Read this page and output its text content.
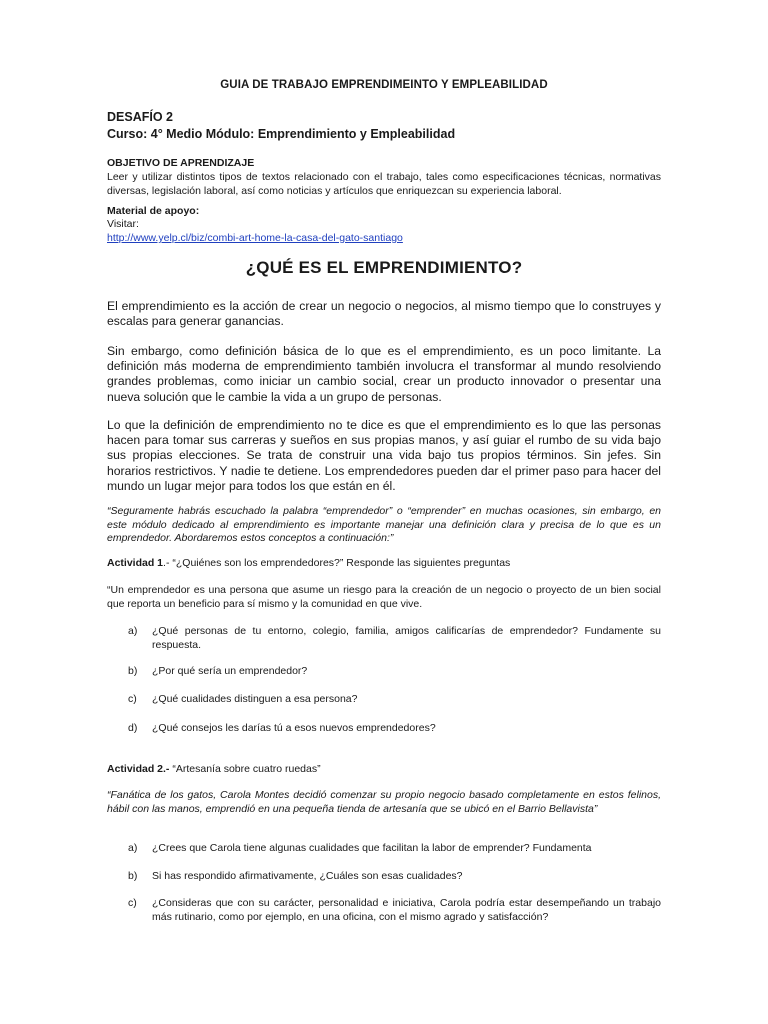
GUIA DE TRABAJO EMPRENDIMEINTO Y EMPLEABILIDAD
DESAFÍO 2
Curso: 4° Medio Módulo: Emprendimiento y Empleabilidad
OBJETIVO DE APRENDIZAJE
Leer y utilizar distintos tipos de textos relacionado con el trabajo, tales como especificaciones técnicas, normativas diversas, legislación laboral, así como noticias y artículos que enriquezcan su experiencia laboral.
Material de apoyo:
Visitar:
http://www.yelp.cl/biz/combi-art-home-la-casa-del-gato-santiago
¿QUÉ ES EL EMPRENDIMIENTO?
El emprendimiento es la acción de crear un negocio o negocios, al mismo tiempo que lo construyes y escalas para generar ganancias.
Sin embargo, como definición básica de lo que es el emprendimiento, es un poco limitante. La definición más moderna de emprendimiento también involucra el transformar al mundo resolviendo grandes problemas, como iniciar un cambio social, crear un producto innovador o presentar una nueva solución que le cambie la vida a un grupo de personas.
Lo que la definición de emprendimiento no te dice es que el emprendimiento es lo que las personas hacen para tomar sus carreras y sueños en sus propias manos, y así guiar el rumbo de su vida bajo sus propias elecciones. Se trata de construir una vida bajo tus propios términos. Sin jefes. Sin horarios restrictivos. Y nadie te detiene. Los emprendedores pueden dar el primer paso para hacer del mundo un lugar mejor para todos los que están en él.
“Seguramente habrás escuchado la palabra “emprendedor” o “emprender” en muchas ocasiones, sin embargo, en este módulo dedicado al emprendimiento es importante manejar una definición clara y precisa de lo que es un emprendedor. Abordaremos estos conceptos a continuación:”
Actividad 1.- “¿Quiénes son los emprendedores?” Responde las siguientes preguntas
“Un emprendedor es una persona que asume un riesgo para la creación de un negocio o proyecto de un bien social que reporta un beneficio para sí mismo y la comunidad en que vive.
a) ¿Qué personas de tu entorno, colegio, familia, amigos calificarías de emprendedor? Fundamente su respuesta.
b) ¿Por qué sería un emprendedor?
c) ¿Qué cualidades distinguen a esa persona?
d) ¿Qué consejos les darías tú a esos nuevos emprendedores?
Actividad 2.- “Artesanía sobre cuatro ruedas”
“Fanática de los gatos, Carola Montes decidió comenzar su propio negocio basado completamente en estos felinos, hábil con las manos, emprendió en una pequeña tienda de artesanía que se ubicó en el Barrio Bellavista”
a) ¿Crees que Carola tiene algunas cualidades que facilitan la labor de emprender? Fundamenta
b) Si has respondido afirmativamente, ¿Cuáles son esas cualidades?
c) ¿Consideras que con su carácter, personalidad e iniciativa, Carola podría estar desempeñando un trabajo más rutinario, como por ejemplo, en una oficina, con el mismo agrado y satisfacción?
